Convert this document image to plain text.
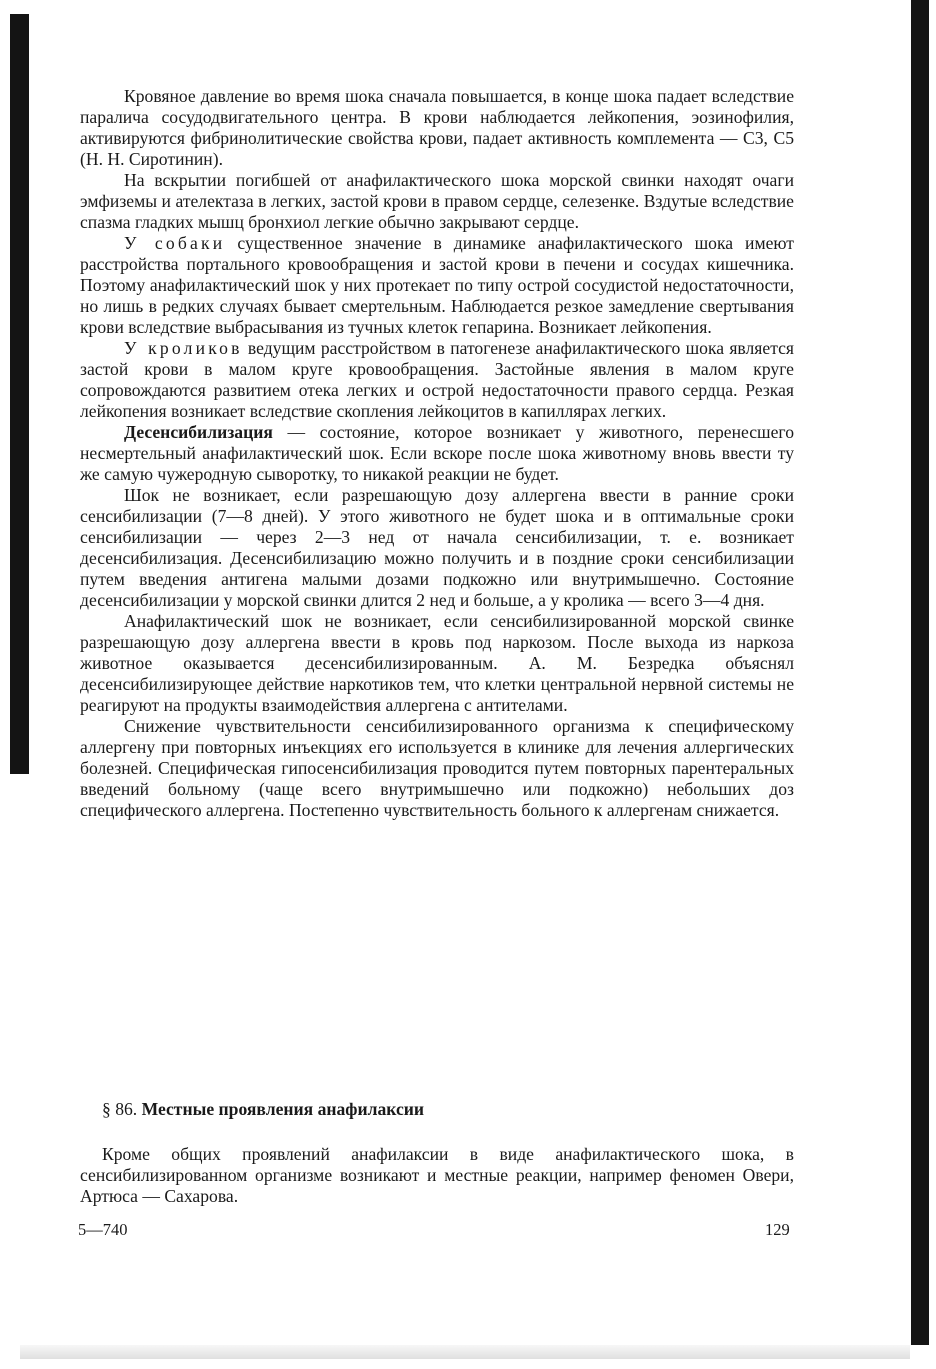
Кровяное давление во время шока сначала повышается, в конце шока падает вследствие паралича сосудодвигательного центра. В крови наблюдается лейкопения, эозинофилия, активируются фибринолитические свойства крови, падает активность комплемента — С3, С5 (Н. Н. Сиротинин).

На вскрытии погибшей от анафилактического шока морской свинки находят очаги эмфиземы и ателектаза в легких, застой крови в правом сердце, селезенке. Вздутые вследствие спазма гладких мышц бронхиол легкие обычно закрывают сердце.

У собаки существенное значение в динамике анафилактического шока имеют расстройства портального кровообращения и застой крови в печени и сосудах кишечника. Поэтому анафилактический шок у них протекает по типу острой сосудистой недостаточности, но лишь в редких случаях бывает смертельным. Наблюдается резкое замедление свертывания крови вследствие выбрасывания из тучных клеток гепарина. Возникает лейкопения.

У кроликов ведущим расстройством в патогенезе анафилактического шока является застой крови в малом круге кровообращения. Застойные явления в малом круге сопровождаются развитием отека легких и острой недостаточности правого сердца. Резкая лейкопения возникает вследствие скопления лейкоцитов в капиллярах легких.

Десенсибилизация — состояние, которое возникает у животного, перенесшего несмертельный анафилактический шок. Если вскоре после шока животному вновь ввести ту же самую чужеродную сыворотку, то никакой реакции не будет.

Шок не возникает, если разрешающую дозу аллергена ввести в ранние сроки сенсибилизации (7—8 дней). У этого животного не будет шока и в оптимальные сроки сенсибилизации — через 2—3 нед от начала сенсибилизации, т. е. возникает десенсибилизация. Десенсибилизацию можно получить и в поздние сроки сенсибилизации путем введения антигена малыми дозами подкожно или внутримышечно. Состояние десенсибилизации у морской свинки длится 2 нед и больше, а у кролика — всего 3—4 дня.

Анафилактический шок не возникает, если сенсибилизированной морской свинке разрешающую дозу аллергена ввести в кровь под наркозом. После выхода из наркоза животное оказывается десенсибилизированным. А. М. Безредка объяснял десенсибилизирующее действие наркотиков тем, что клетки центральной нервной системы не реагируют на продукты взаимодействия аллергена с антителами.

Снижение чувствительности сенсибилизированного организма к специфическому аллергену при повторных инъекциях его используется в клинике для лечения аллергических болезней. Специфическая гипосенсибилизация проводится путем повторных парентеральных введений больному (чаще всего внутримышечно или подкожно) небольших доз специфического аллергена. Постепенно чувствительность больного к аллергенам снижается.

§ 86. Местные проявления анафилаксии

Кроме общих проявлений анафилаксии в виде анафилактического шока, в сенсибилизированном организме возникают и местные реакции, например феномен Овери, Артюса — Сахарова.

5—740	129
